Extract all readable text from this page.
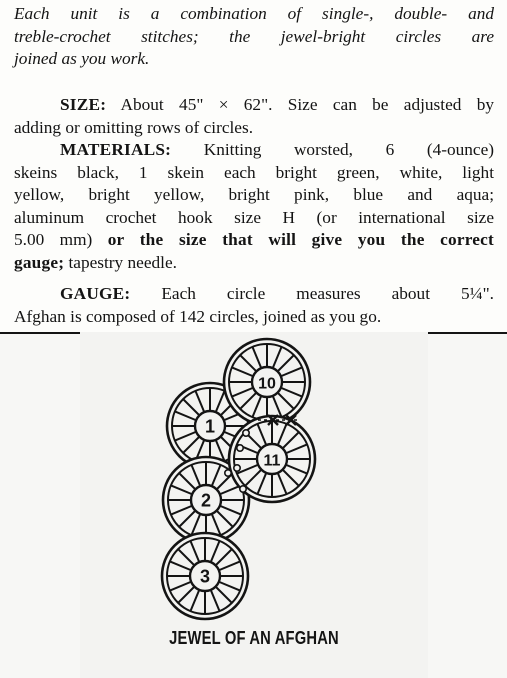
Each unit is a combination of single-, double- and
treble-crochet stitches; the jewel-bright circles are
joined as you work.
SIZE: About 45" × 62". Size can be adjusted by
adding or omitting rows of circles.
MATERIALS: Knitting worsted, 6 (4-ounce)
skeins black, 1 skein each bright green, white, light
yellow, bright yellow, bright pink, blue and aqua;
aluminum crochet hook size H (or international size
5.00 mm) or the size that will give you the correct
gauge; tapestry needle.
GAUGE: Each circle measures about 5¼".
Afghan is composed of 142 circles, joined as you go.
1
2
3
10
11
JEWEL OF AN AFGHAN
